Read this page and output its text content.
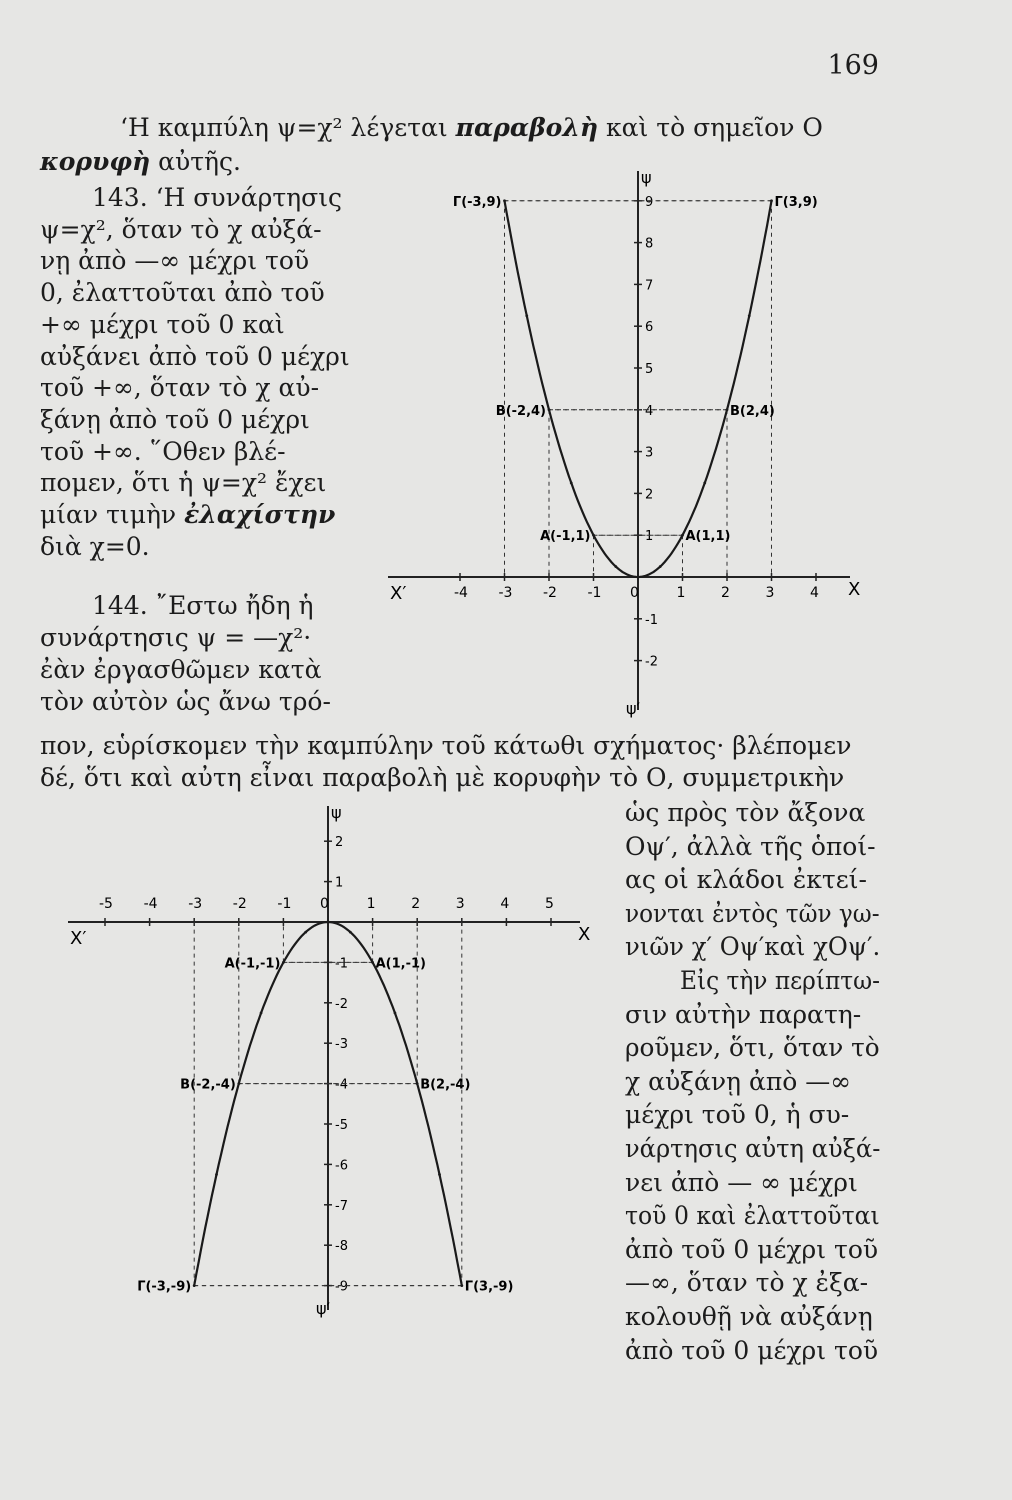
169
‘Η καμπύλη ψ=χ² λέγεται παραβολὴ καὶ τὸ σημεῖον Ο
κορυφὴ αὐτῆς.
143. ‘Η συνάρτησις
ψ=χ², ὅταν τὸ χ αὐξά-
νῃ ἀπὸ —∞ μέχρι τοῦ
0, ἐλαττοῦται ἀπὸ τοῦ
+∞ μέχρι τοῦ 0 καὶ
αὐξάνει ἀπὸ τοῦ 0 μέχρι
τοῦ +∞, ὅταν τὸ χ αὐ-
ξάνῃ ἀπὸ τοῦ 0 μέχρι
τοῦ +∞. ῞Οθεν βλέ-
πομεν, ὅτι ἡ ψ=χ² ἔχει
μίαν τιμὴν ἐλαχίστην
διὰ χ=0.
144. ῎Εστω ἤδη ἡ
συνάρτησις ψ = —χ²·
ἐὰν ἐργασθῶμεν κατὰ
τὸν αὐτὸν ὡς ἄνω τρό-
πον, εὑρίσκομεν τὴν καμπύλην τοῦ κάτωθι σχήματος· βλέπομεν
δέ, ὅτι καὶ αὐτη εἶναι παραβολὴ μὲ κορυφὴν τὸ Ο, συμμετρικὴν
ὡς πρὸς τὸν ἄξονα
Οψ′, ἀλλὰ τῆς ὁποί-
ας οἱ κλάδοι ἐκτεί-
νονται ἐντὸς τῶν γω-
νιῶν χ′ Οψ′καὶ χΟψ′.
Εἰς τὴν περίπτω-
σιν αὐτὴν παρατη-
ροῦμεν, ὅτι, ὅταν τὸ
χ αὐξάνῃ ἀπὸ —∞
μέχρι τοῦ 0, ἡ συ-
νάρτησις αὐτη αὐξά-
νει ἀπὸ — ∞ μέχρι
τοῦ 0 καὶ ἐλαττοῦται
ἀπὸ τοῦ 0 μέχρι τοῦ
—∞, ὅταν τὸ χ ἐξα-
κολουθῇ νὰ αὐξάνῃ
ἀπὸ τοῦ 0 μέχρι τοῦ
Χ
Χ′
ψ
ψ′
-4 -3 -2 -1 0	1	2	3	4
-2
-1
1
2
3
4
5
6
7
8
9
Γ(-3,9)	Γ(3,9)
Β(-2,4)	Β(2,4)
Α(-1,1)	Α(1,1)
Χ
Χ′
ψ
ψ′
-5 -4 -3 -2 -1 0	1	2	3	4	5
2
1
-1
-2
-3
-4
-5
-6
-7
-8
-9
Α(-1,-1)	Α(1,-1)
Β(-2,-4)	Β(2,-4)
Γ(-3,-9)	Γ(3,-9)
